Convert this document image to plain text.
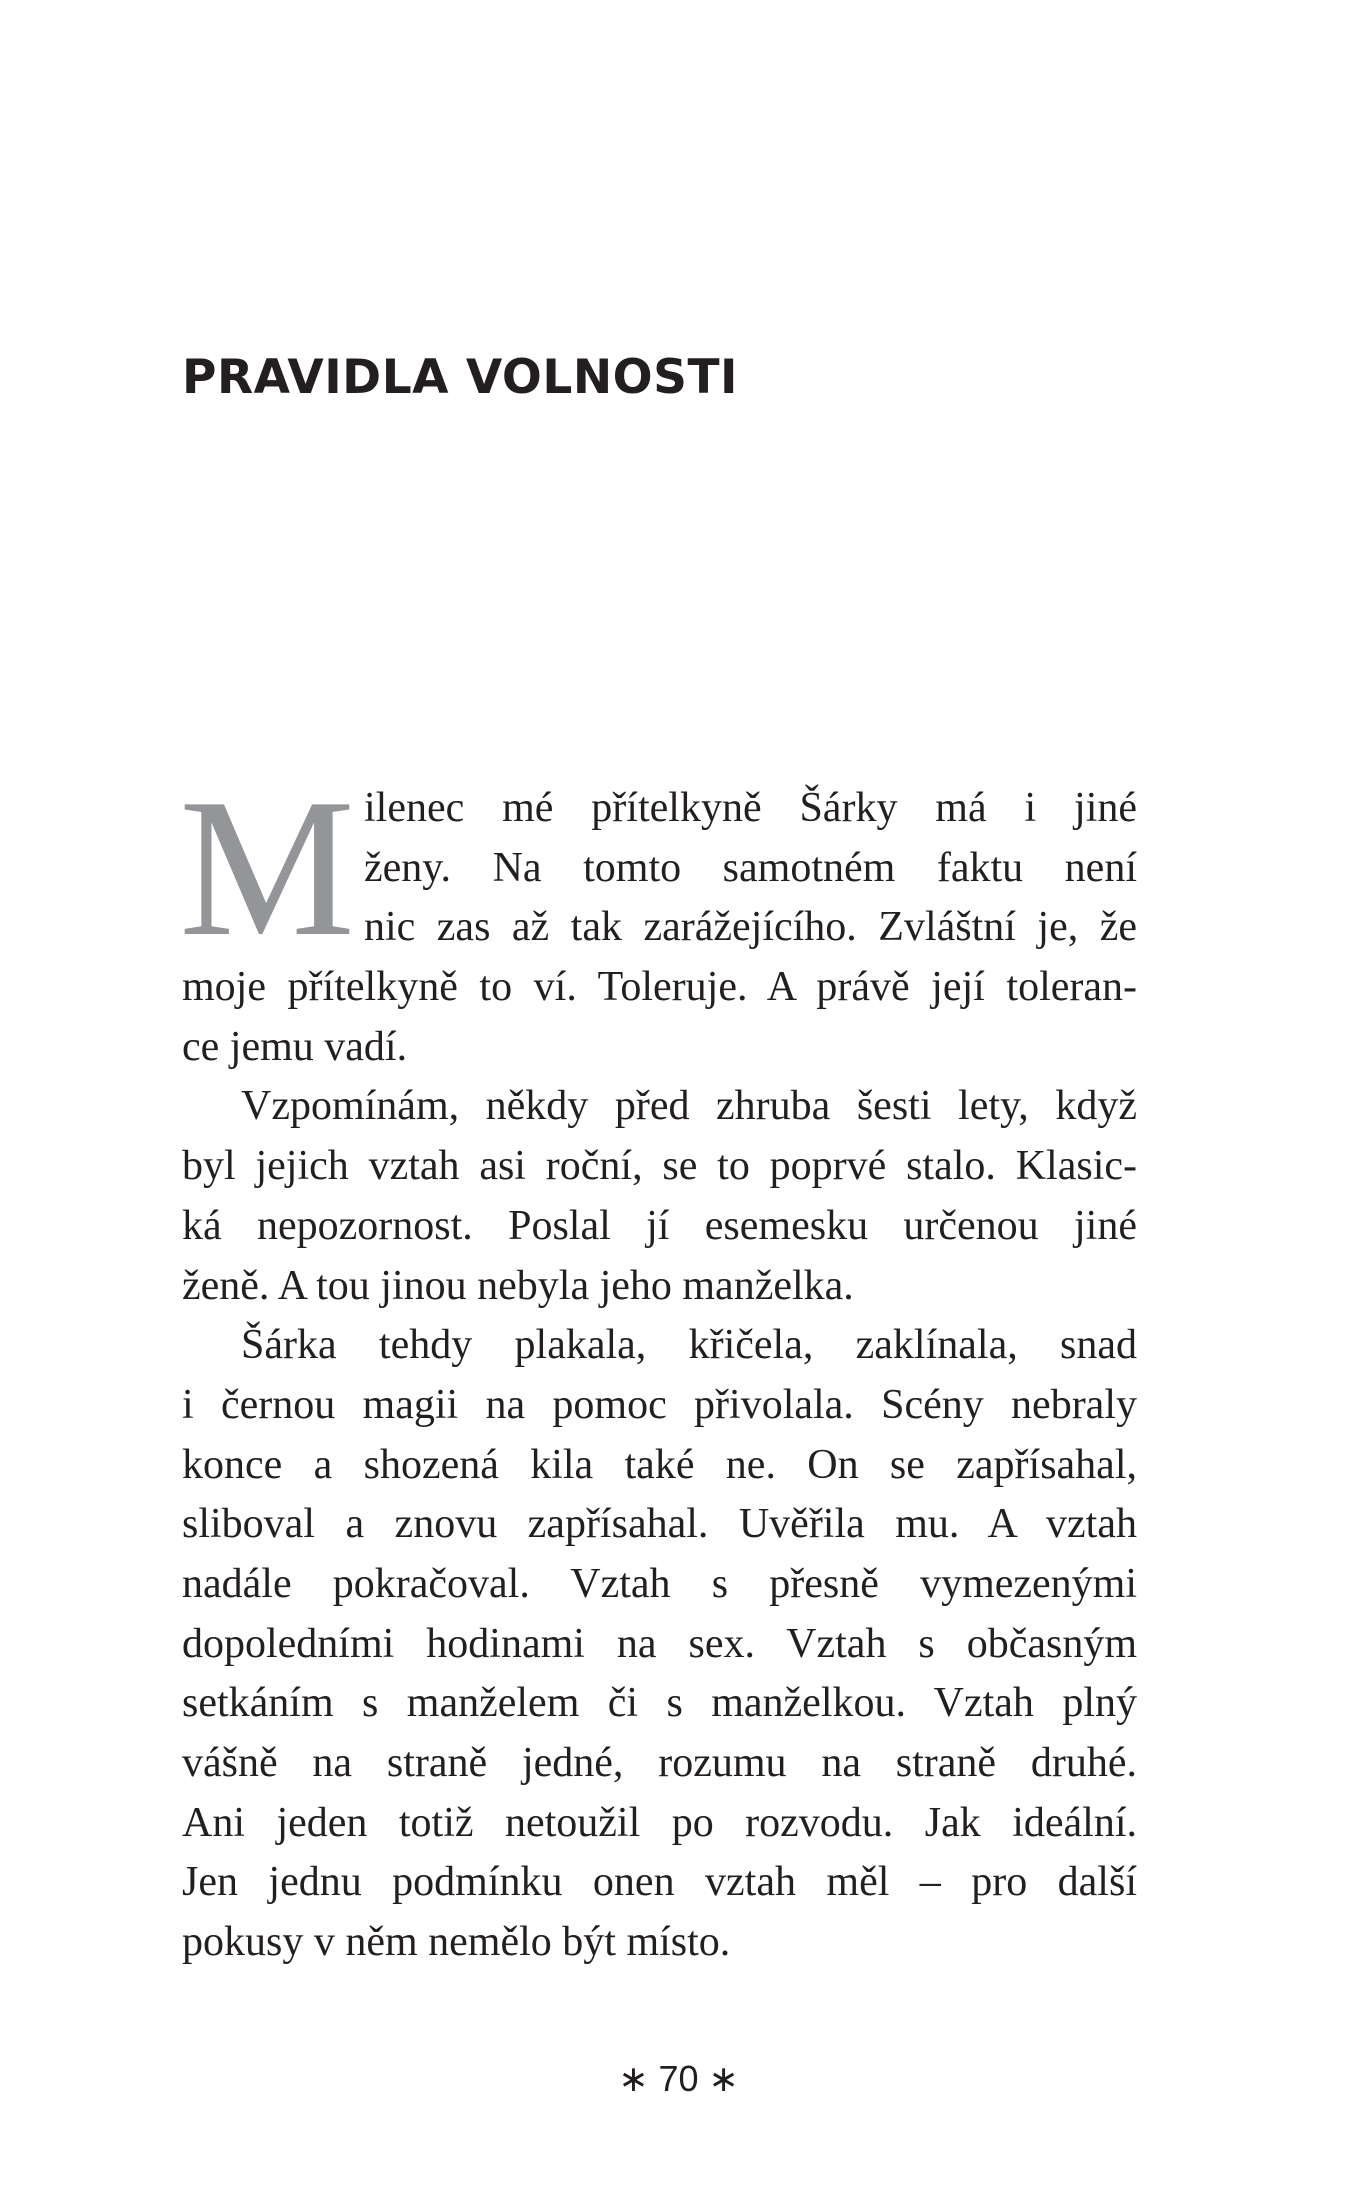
PRAVIDLA VOLNOSTI
M ilenec mé přítelkyně Šárky má i jiné
ženy. Na tomto samotném faktu není
nic zas až tak zarážejícího. Zvláštní je, že
moje přítelkyně to ví. Toleruje. A právě její toleran-
ce jemu vadí.
Vzpomínám, někdy před zhruba šesti lety, když
byl jejich vztah asi roční, se to poprvé stalo. Klasic-
ká nepozornost. Poslal jí esemesku určenou jiné
ženě. A tou jinou nebyla jeho manželka.
Šárka tehdy plakala, křičela, zaklínala, snad
i černou magii na pomoc přivolala. Scény nebraly
konce a shozená kila také ne. On se zapřísahal,
sliboval a znovu zapřísahal. Uvěřila mu. A vztah
nadále pokračoval. Vztah s přesně vymezenými
dopoledními hodinami na sex. Vztah s občasným
setkáním s manželem či s manželkou. Vztah plný
vášně na straně jedné, rozumu na straně druhé.
Ani jeden totiž netoužil po rozvodu. Jak ideální.
Jen jednu podmínku onen vztah měl – pro další
pokusy v něm nemělo být místo.
∗ 70 ∗
